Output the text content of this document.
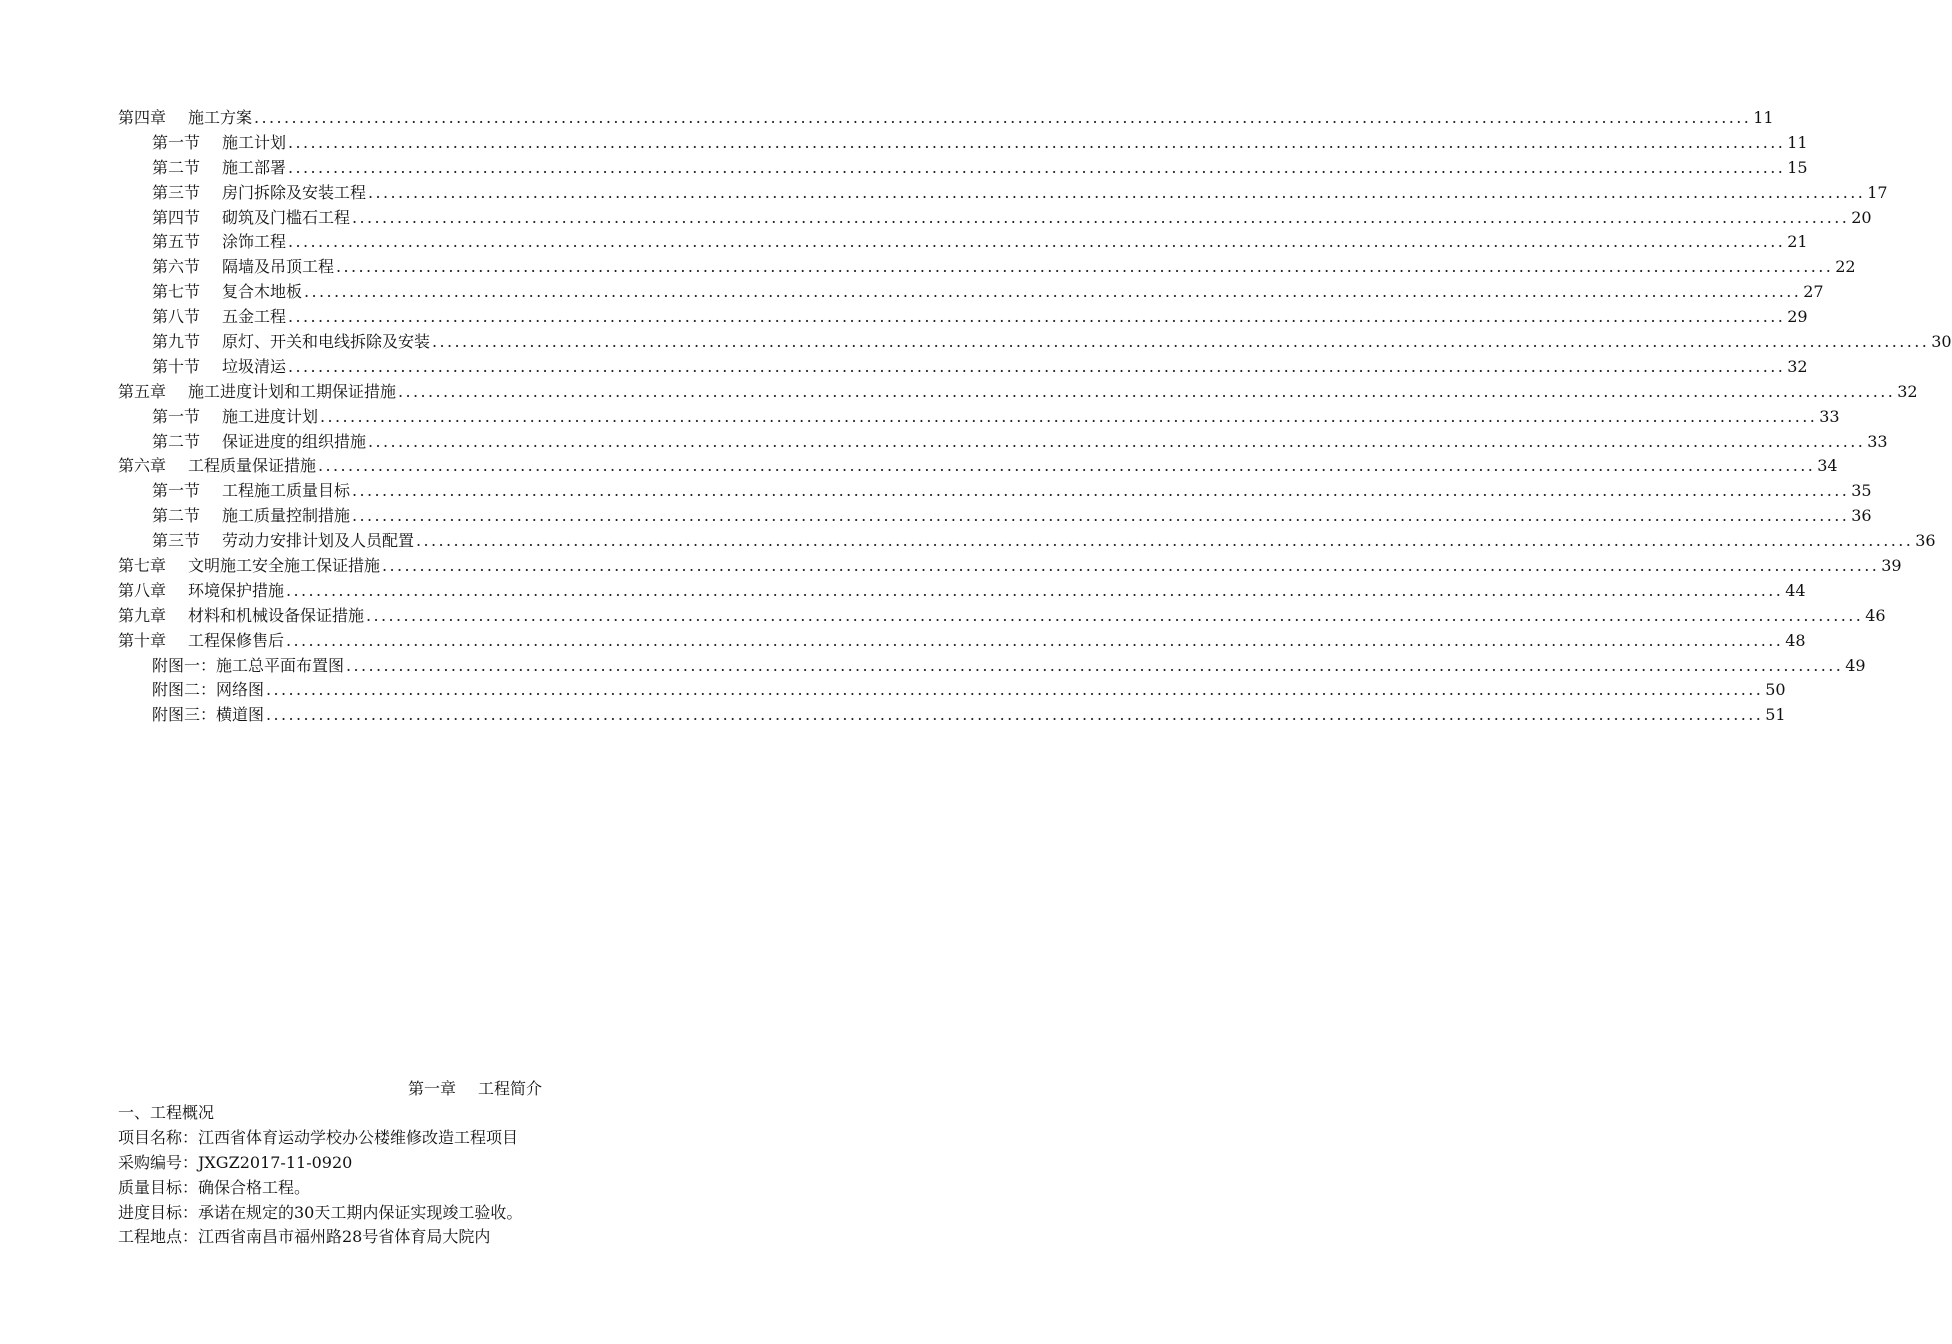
第四章 施工方案 ........................................................................................................................................................................................................ 11
第一节 施工计划 ........................................................................................................................................................................................................ 11
第二节 施工部署 ........................................................................................................................................................................................................ 15
第三节 房门拆除及安装工程 ........................................................................................................................................................................................................ 17
第四节 砌筑及门槛石工程 ........................................................................................................................................................................................................ 20
第五节 涂饰工程 ........................................................................................................................................................................................................ 21
第六节 隔墙及吊顶工程 ........................................................................................................................................................................................................ 22
第七节 复合木地板 ........................................................................................................................................................................................................ 27
第八节 五金工程 ........................................................................................................................................................................................................ 29
第九节 原灯、开关和电线拆除及安装 ........................................................................................................................................................................................................ 30
第十节 垃圾清运 ........................................................................................................................................................................................................ 32
第五章 施工进度计划和工期保证措施 ........................................................................................................................................................................................................ 32
第一节 施工进度计划 ........................................................................................................................................................................................................ 33
第二节 保证进度的组织措施 ........................................................................................................................................................................................................ 33
第六章 工程质量保证措施 ........................................................................................................................................................................................................ 34
第一节 工程施工质量目标 ........................................................................................................................................................................................................ 35
第二节 施工质量控制措施 ........................................................................................................................................................................................................ 36
第三节 劳动力安排计划及人员配置 ........................................................................................................................................................................................................ 36
第七章 文明施工安全施工保证措施 ........................................................................................................................................................................................................ 39
第八章 环境保护措施 ........................................................................................................................................................................................................ 44
第九章 材料和机械设备保证措施 ........................................................................................................................................................................................................ 46
第十章 工程保修售后 ........................................................................................................................................................................................................ 48
附图一：施工总平面布置图 ........................................................................................................................................................................................................ 49
附图二：网络图 ........................................................................................................................................................................................................ 50
附图三：横道图 ........................................................................................................................................................................................................ 51
第一章 工程简介
一、工程概况
项目名称：江西省体育运动学校办公楼维修改造工程项目
采购编号：JXGZ2017-11-0920
质量目标：确保合格工程。
进度目标：承诺在规定的30天工期内保证实现竣工验收。
工程地点：江西省南昌市福州路28号省体育局大院内
